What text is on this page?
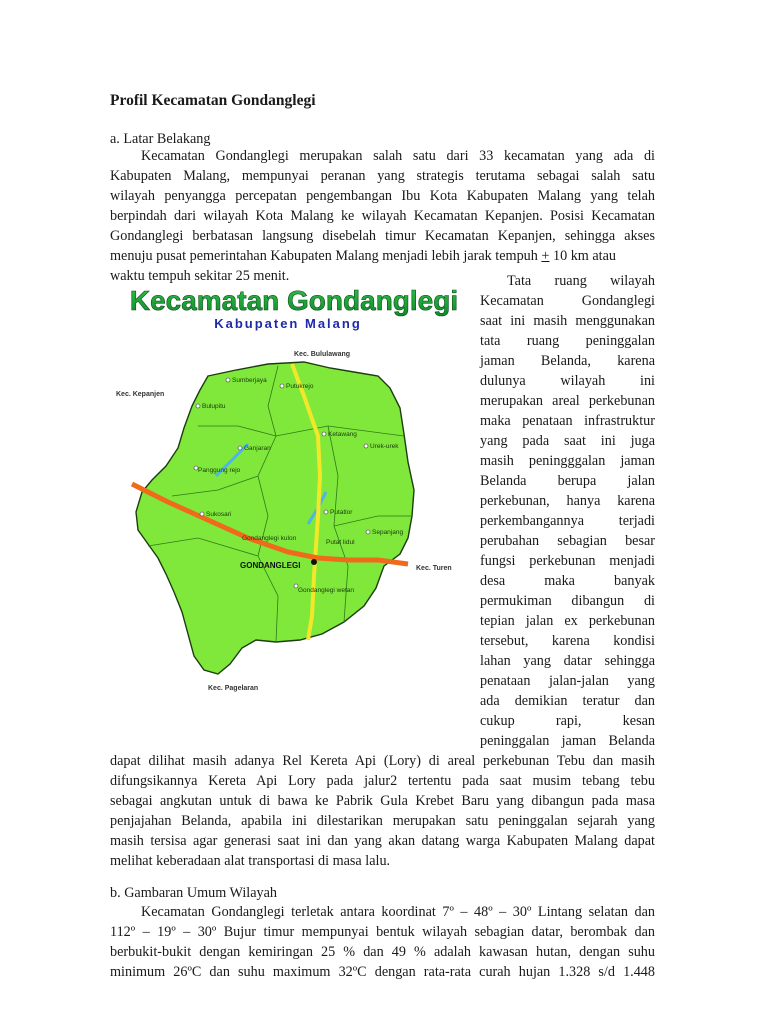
Profil Kecamatan Gondanglegi
a. Latar Belakang
Kecamatan Gondanglegi merupakan salah satu dari 33 kecamatan yang ada di
Kabupaten Malang, mempunyai peranan yang strategis terutama sebagai salah satu
wilayah penyangga percepatan pengembangan Ibu Kota Kabupaten Malang yang telah
berpindah dari wilayah Kota Malang ke wilayah Kecamatan Kepanjen. Posisi Kecamatan
Gondanglegi berbatasan langsung disebelah timur Kecamatan Kepanjen, sehingga akses
menuju pusat pemerintahan Kabupaten Malang menjadi lebih jarak tempuh + 10 km atau
waktu tempuh sekitar 25 menit.
Kecamatan Gondanglegi
Kabupaten Malang
Kec. Bululawang
Kec. Kepanjen
Kec. Turen
Kec. Pagelaran
Sumberjaya
Putukrejo
Bulupitu
Ganjaran
Ketawang
Urek-urek
Panggung rejo
Sukosari	Putatlor
Gondanglegi kulon
Putat lidul
Sepanjang
Gondanglegi wetan
GONDANGLEGI
Tata ruang wilayah
Kecamatan Gondanglegi
saat ini masih menggunakan
tata ruang peninggalan
jaman Belanda, karena
dulunya wilayah ini
merupakan areal perkebunan
maka penataan infrastruktur
yang pada saat ini juga
masih peningggalan jaman
Belanda berupa jalan
perkebunan, hanya karena
perkembangannya terjadi
perubahan sebagian besar
fungsi perkebunan menjadi
desa maka banyak
permukiman dibangun di
tepian jalan ex perkebunan
tersebut, karena kondisi
lahan yang datar sehingga
penataan jalan-jalan yang
ada demikian teratur dan
cukup rapi, kesan
peninggalan jaman Belanda
dapat dilihat masih adanya Rel Kereta Api (Lory) di areal perkebunan Tebu dan masih
difungsikannya Kereta Api Lory pada jalur2 tertentu pada saat musim tebang tebu
sebagai angkutan untuk di bawa ke Pabrik Gula Krebet Baru yang dibangun pada masa
penjajahan Belanda, apabila ini dilestarikan merupakan satu peninggalan sejarah yang
masih tersisa agar generasi saat ini dan yang akan datang warga Kabupaten Malang dapat
melihat keberadaan alat transportasi di masa lalu.
b. Gambaran Umum Wilayah
Kecamatan Gondanglegi terletak antara koordinat 7º – 48º – 30º Lintang selatan dan
112º – 19º – 30º Bujur timur mempunyai bentuk wilayah sebagian datar, berombak dan
berbukit-bukit dengan kemiringan 25 % dan 49 % adalah kawasan hutan, dengan suhu
minimum 26ºC dan suhu maximum 32ºC dengan rata-rata curah hujan 1.328 s/d 1.448
